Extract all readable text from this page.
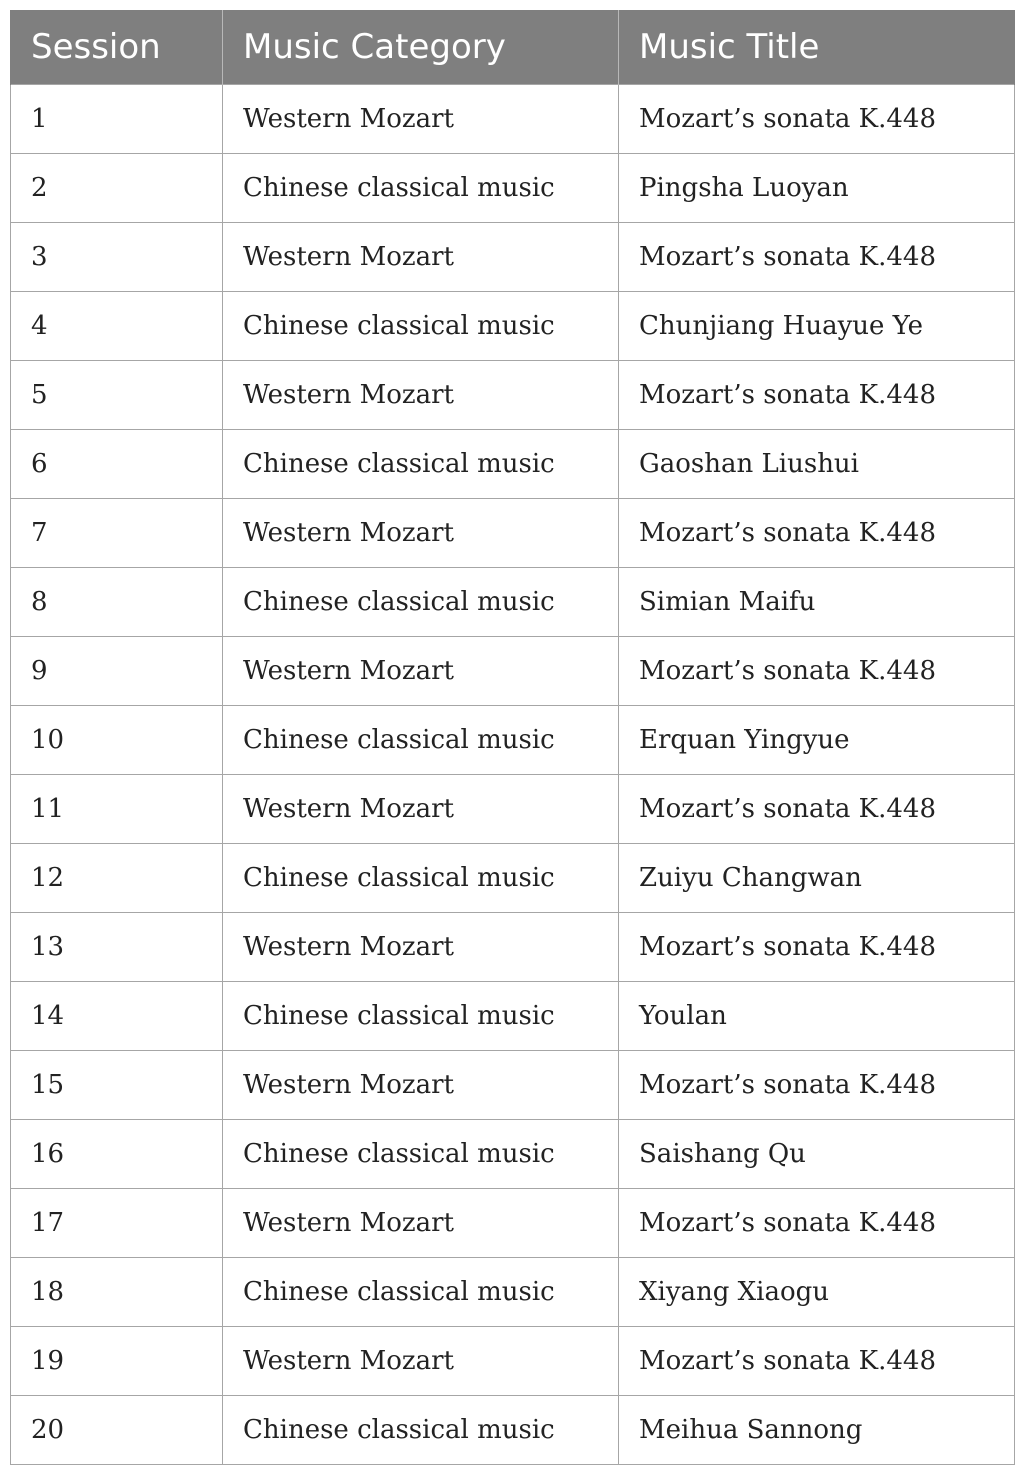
Session	Music Category	Music Title
1	Western Mozart	Mozart’s sonata K.448
2	Chinese classical music	Pingsha Luoyan
3	Western Mozart	Mozart’s sonata K.448
4	Chinese classical music	Chunjiang Huayue Ye
5	Western Mozart	Mozart’s sonata K.448
6	Chinese classical music	Gaoshan Liushui
7	Western Mozart	Mozart’s sonata K.448
8	Chinese classical music	Simian Maifu
9	Western Mozart	Mozart’s sonata K.448
10	Chinese classical music	Erquan Yingyue
11	Western Mozart	Mozart’s sonata K.448
12	Chinese classical music	Zuiyu Changwan
13	Western Mozart	Mozart’s sonata K.448
14	Chinese classical music	Youlan
15	Western Mozart	Mozart’s sonata K.448
16	Chinese classical music	Saishang Qu
17	Western Mozart	Mozart’s sonata K.448
18	Chinese classical music	Xiyang Xiaogu
19	Western Mozart	Mozart’s sonata K.448
20	Chinese classical music	Meihua Sannong
